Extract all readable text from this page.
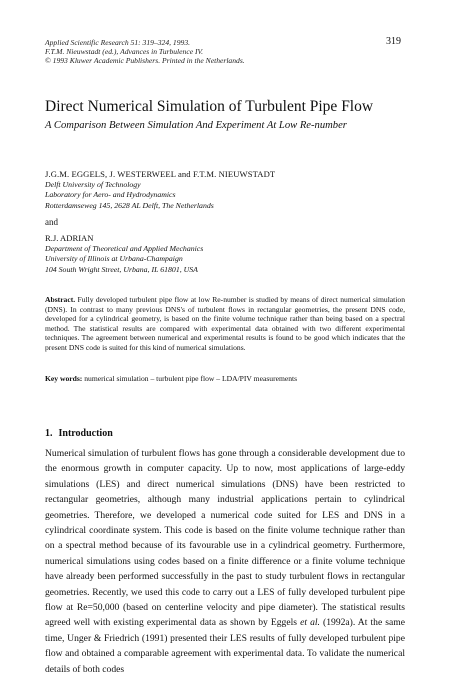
Applied Scientific Research 51: 319–324, 1993.
F.T.M. Nieuwstadt (ed.), Advances in Turbulence IV.
© 1993 Kluwer Academic Publishers. Printed in the Netherlands.
319
Direct Numerical Simulation of Turbulent Pipe Flow
A Comparison Between Simulation And Experiment At Low Re-number
J.G.M. EGGELS, J. WESTERWEEL and F.T.M. NIEUWSTADT
Delft University of Technology
Laboratory for Aero- and Hydrodynamics
Rotterdamseweg 145, 2628 AL Delft, The Netherlands
and
R.J. ADRIAN
Department of Theoretical and Applied Mechanics
University of Illinois at Urbana-Champaign
104 South Wright Street, Urbana, IL 61801, USA
Abstract. Fully developed turbulent pipe flow at low Re-number is studied by means of direct numerical simulation (DNS). In contrast to many previous DNS's of turbulent flows in rectangular geometries, the present DNS code, developed for a cylindrical geometry, is based on the finite volume technique rather than being based on a spectral method. The statistical results are compared with experimental data obtained with two different experimental techniques. The agreement between numerical and experimental results is found to be good which indicates that the present DNS code is suited for this kind of numerical simulations.
Key words: numerical simulation – turbulent pipe flow – LDA/PIV measurements
1. Introduction
Numerical simulation of turbulent flows has gone through a considerable development due to the enormous growth in computer capacity. Up to now, most applications of large-eddy simulations (LES) and direct numerical simulations (DNS) have been restricted to rectangular geometries, although many industrial applications pertain to cylindrical geometries. Therefore, we developed a numerical code suited for LES and DNS in a cylindrical coordinate system. This code is based on the finite volume technique rather than on a spectral method because of its favourable use in a cylindrical geometry. Furthermore, numerical simulations using codes based on a finite difference or a finite volume technique have already been performed successfully in the past to study turbulent flows in rectangular geometries. Recently, we used this code to carry out a LES of fully developed turbulent pipe flow at Re=50,000 (based on centerline velocity and pipe diameter). The statistical results agreed well with existing experimental data as shown by Eggels et al. (1992a). At the same time, Unger & Friedrich (1991) presented their LES results of fully developed turbulent pipe flow and obtained a comparable agreement with experimental data. To validate the numerical details of both codes
